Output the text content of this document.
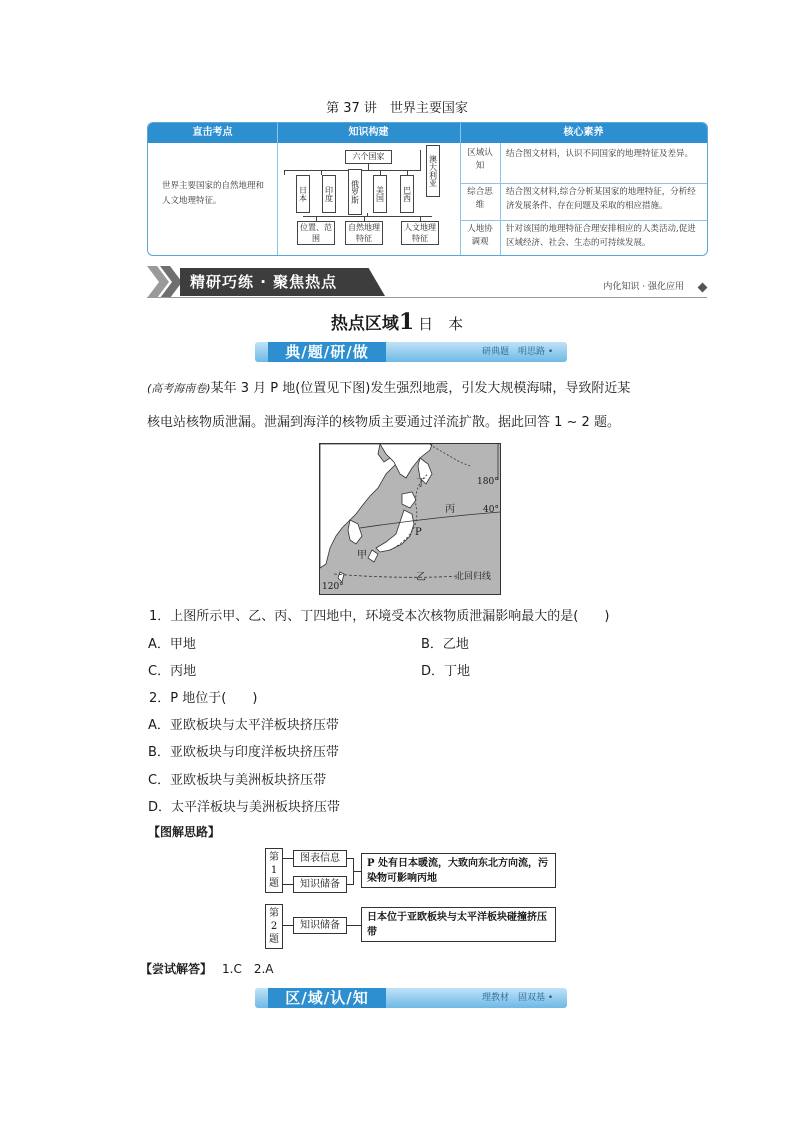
第 37 讲　世界主要国家
直击考点	知识构建	核心素养
世界主要国家的自然地理和人文地理特征。
六个国家
日本	印度	俄罗斯	美国	巴西
澳大利亚
位置、范围
自然地理特征
人文地理特征
区域认知
结合图文材料，认识不同国家的地理特征及差异。
综合思维
结合图文材料,综合分析某国家的地理特征，分析经济发展条件、存在问题及采取的相应措施。
人地协调观
针对该国的地理特征合理安排相应的人类活动,促进区域经济、社会、生态的可持续发展。
精研巧练 · 聚焦热点	内化知识 · 强化应用
热点区域1 日　本
典/题/研/做	研典题　明思路 •
(高考海南卷)某年 3 月 P 地(位置见下图)发生强烈地震，引发大规模海啸，导致附近某
核电站核物质泄漏。泄漏到海洋的核物质主要通过洋流扩散。据此回答 1 ~ 2 题。
丁
丙
P
甲
乙
180°
40°
120°
北回归线
1．上图所示甲、乙、丙、丁四地中，环境受本次核物质泄漏影响最大的是(　　)
A．甲地	B．乙地
C．丙地	D．丁地
2．P 地位于(　　)
A．亚欧板块与太平洋板块挤压带
B．亚欧板块与印度洋板块挤压带
C．亚欧板块与美洲板块挤压带
D．太平洋板块与美洲板块挤压带
【图解思路】
第1题
图表信息
知识储备
P 处有日本暖流，大致向东北方向流，污染物可影响丙地
第2题
知识储备
日本位于亚欧板块与太平洋板块碰撞挤压带
【尝试解答】 1.C　2.A
区/域/认/知	理教材　固双基 •
